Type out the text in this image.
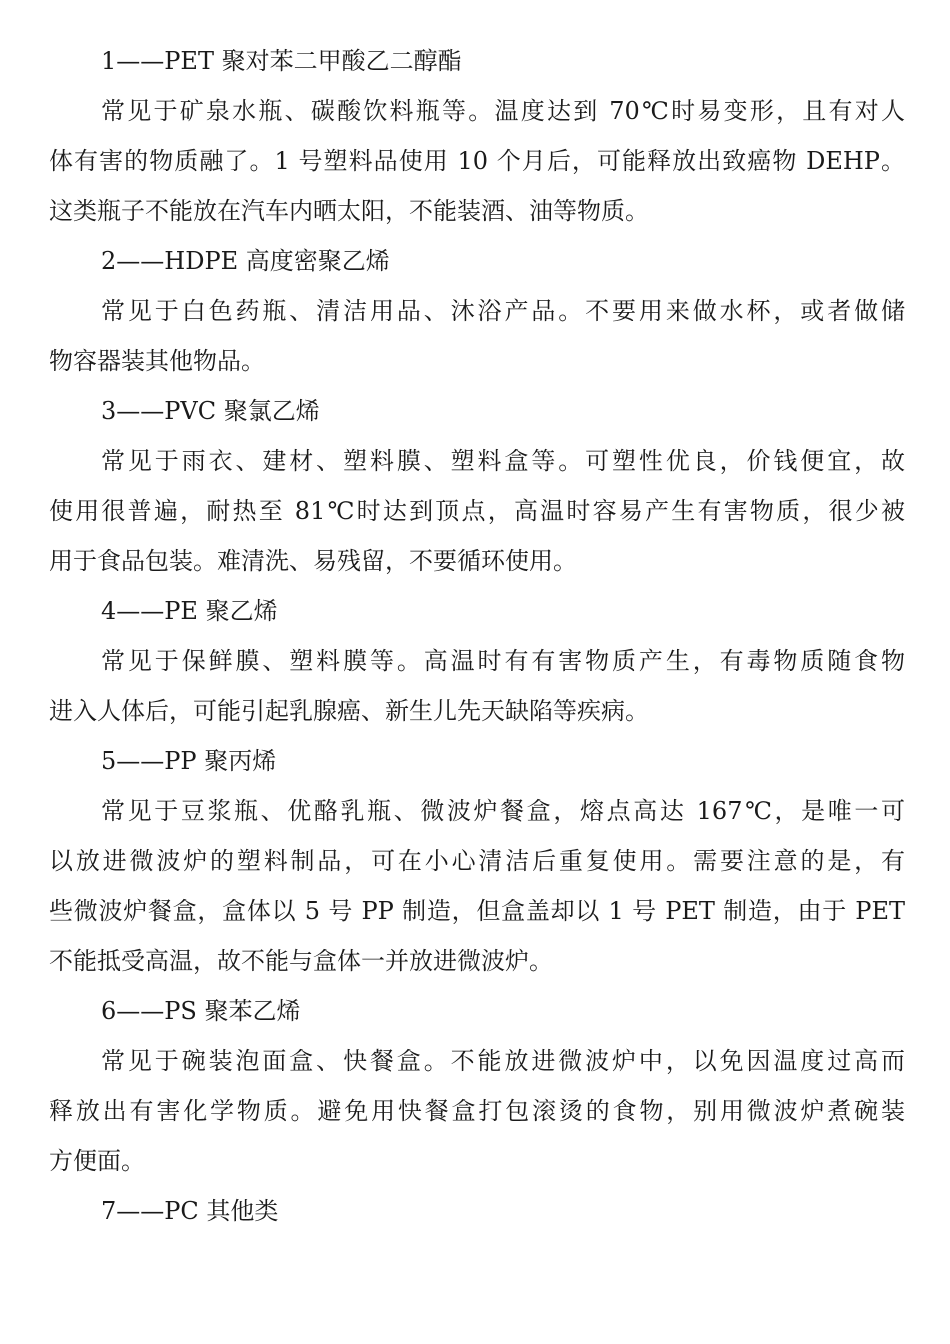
1——PET 聚对苯二甲酸乙二醇酯
常见于矿泉水瓶、碳酸饮料瓶等。温度达到 70℃时易变形，且有对人
体有害的物质融了。1 号塑料品使用 10 个月后，可能释放出致癌物 DEHP。
这类瓶子不能放在汽车内晒太阳，不能装酒、油等物质。
2——HDPE 高度密聚乙烯
常见于白色药瓶、清洁用品、沐浴产品。不要用来做水杯，或者做储
物容器装其他物品。
3——PVC 聚氯乙烯
常见于雨衣、建材、塑料膜、塑料盒等。可塑性优良，价钱便宜，故
使用很普遍，耐热至 81℃时达到顶点，高温时容易产生有害物质，很少被
用于食品包装。难清洗、易残留，不要循环使用。
4——PE 聚乙烯
常见于保鲜膜、塑料膜等。高温时有有害物质产生，有毒物质随食物
进入人体后，可能引起乳腺癌、新生儿先天缺陷等疾病。
5——PP 聚丙烯
常见于豆浆瓶、优酪乳瓶、微波炉餐盒，熔点高达 167℃，是唯一可
以放进微波炉的塑料制品，可在小心清洁后重复使用。需要注意的是，有
些微波炉餐盒，盒体以 5 号 PP 制造，但盒盖却以 1 号 PET 制造，由于 PET
不能抵受高温，故不能与盒体一并放进微波炉。
6——PS 聚苯乙烯
常见于碗装泡面盒、快餐盒。不能放进微波炉中，以免因温度过高而
释放出有害化学物质。避免用快餐盒打包滚烫的食物，别用微波炉煮碗装
方便面。
7——PC 其他类
